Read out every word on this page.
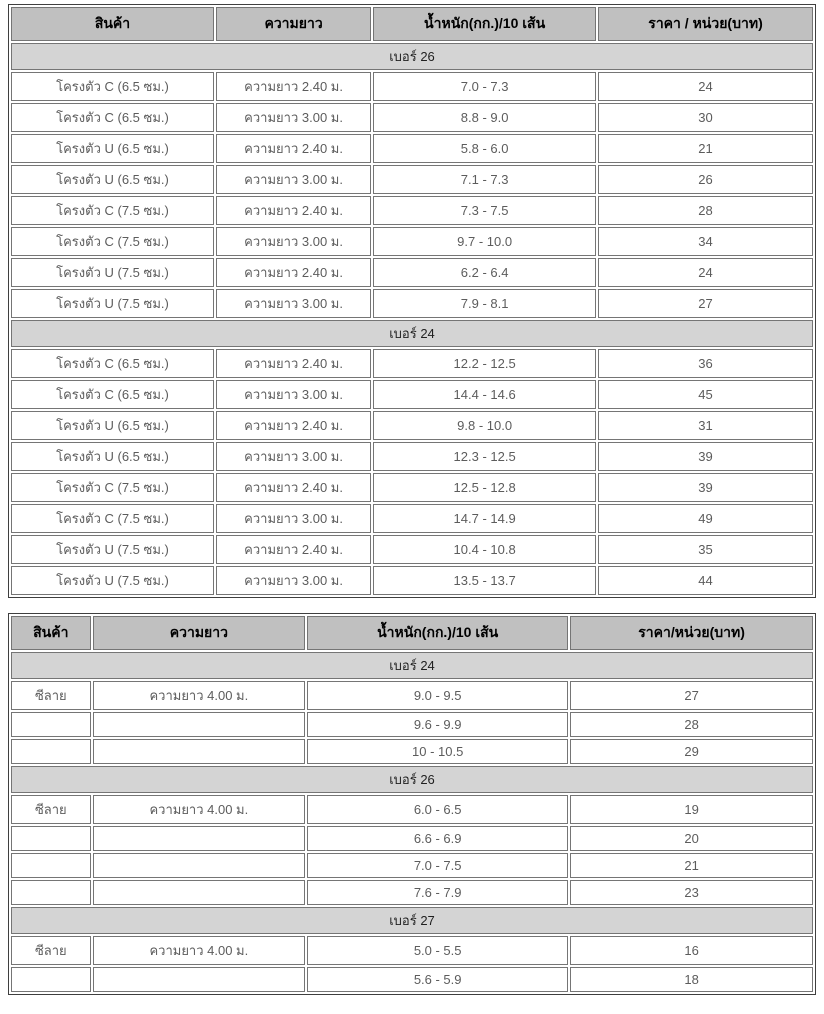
สินค้า	ความยาว	น้ำหนัก(กก.)/10 เส้น	ราคา / หน่วย(บาท)
เบอร์ 26			
โครงตัว C (6.5 ซม.)	ความยาว 2.40 ม.	7.0 - 7.3	24
โครงตัว C (6.5 ซม.)	ความยาว 3.00 ม.	8.8 - 9.0	30
โครงตัว U (6.5 ซม.)	ความยาว 2.40 ม.	5.8 - 6.0	21
โครงตัว U (6.5 ซม.)	ความยาว 3.00 ม.	7.1 - 7.3	26
โครงตัว C (7.5 ซม.)	ความยาว 2.40 ม.	7.3 - 7.5	28
โครงตัว C (7.5 ซม.)	ความยาว 3.00 ม.	9.7 - 10.0	34
โครงตัว U (7.5 ซม.)	ความยาว 2.40 ม.	6.2 - 6.4	24
โครงตัว U (7.5 ซม.)	ความยาว 3.00 ม.	7.9 - 8.1	27
เบอร์ 24			
โครงตัว C (6.5 ซม.)	ความยาว 2.40 ม.	12.2 - 12.5	36
โครงตัว C (6.5 ซม.)	ความยาว 3.00 ม.	14.4 - 14.6	45
โครงตัว U (6.5 ซม.)	ความยาว 2.40 ม.	9.8 - 10.0	31
โครงตัว U (6.5 ซม.)	ความยาว 3.00 ม.	12.3 - 12.5	39
โครงตัว C (7.5 ซม.)	ความยาว 2.40 ม.	12.5 - 12.8	39
โครงตัว C (7.5 ซม.)	ความยาว 3.00 ม.	14.7 - 14.9	49
โครงตัว U (7.5 ซม.)	ความยาว 2.40 ม.	10.4 - 10.8	35
โครงตัว U (7.5 ซม.)	ความยาว 3.00 ม.	13.5 - 13.7	44
สินค้า	ความยาว	น้ำหนัก(กก.)/10 เส้น	ราคา/หน่วย(บาท)
เบอร์ 24			
ซีลาย	ความยาว 4.00 ม.	9.0 - 9.5	27
		9.6 - 9.9	28
		10 - 10.5	29
เบอร์ 26			
ซีลาย	ความยาว 4.00 ม.	6.0 - 6.5	19
		6.6 - 6.9	20
		7.0 - 7.5	21
		7.6 - 7.9	23
เบอร์ 27			
ซีลาย	ความยาว 4.00 ม.	5.0 - 5.5	16
		5.6 - 5.9	18
